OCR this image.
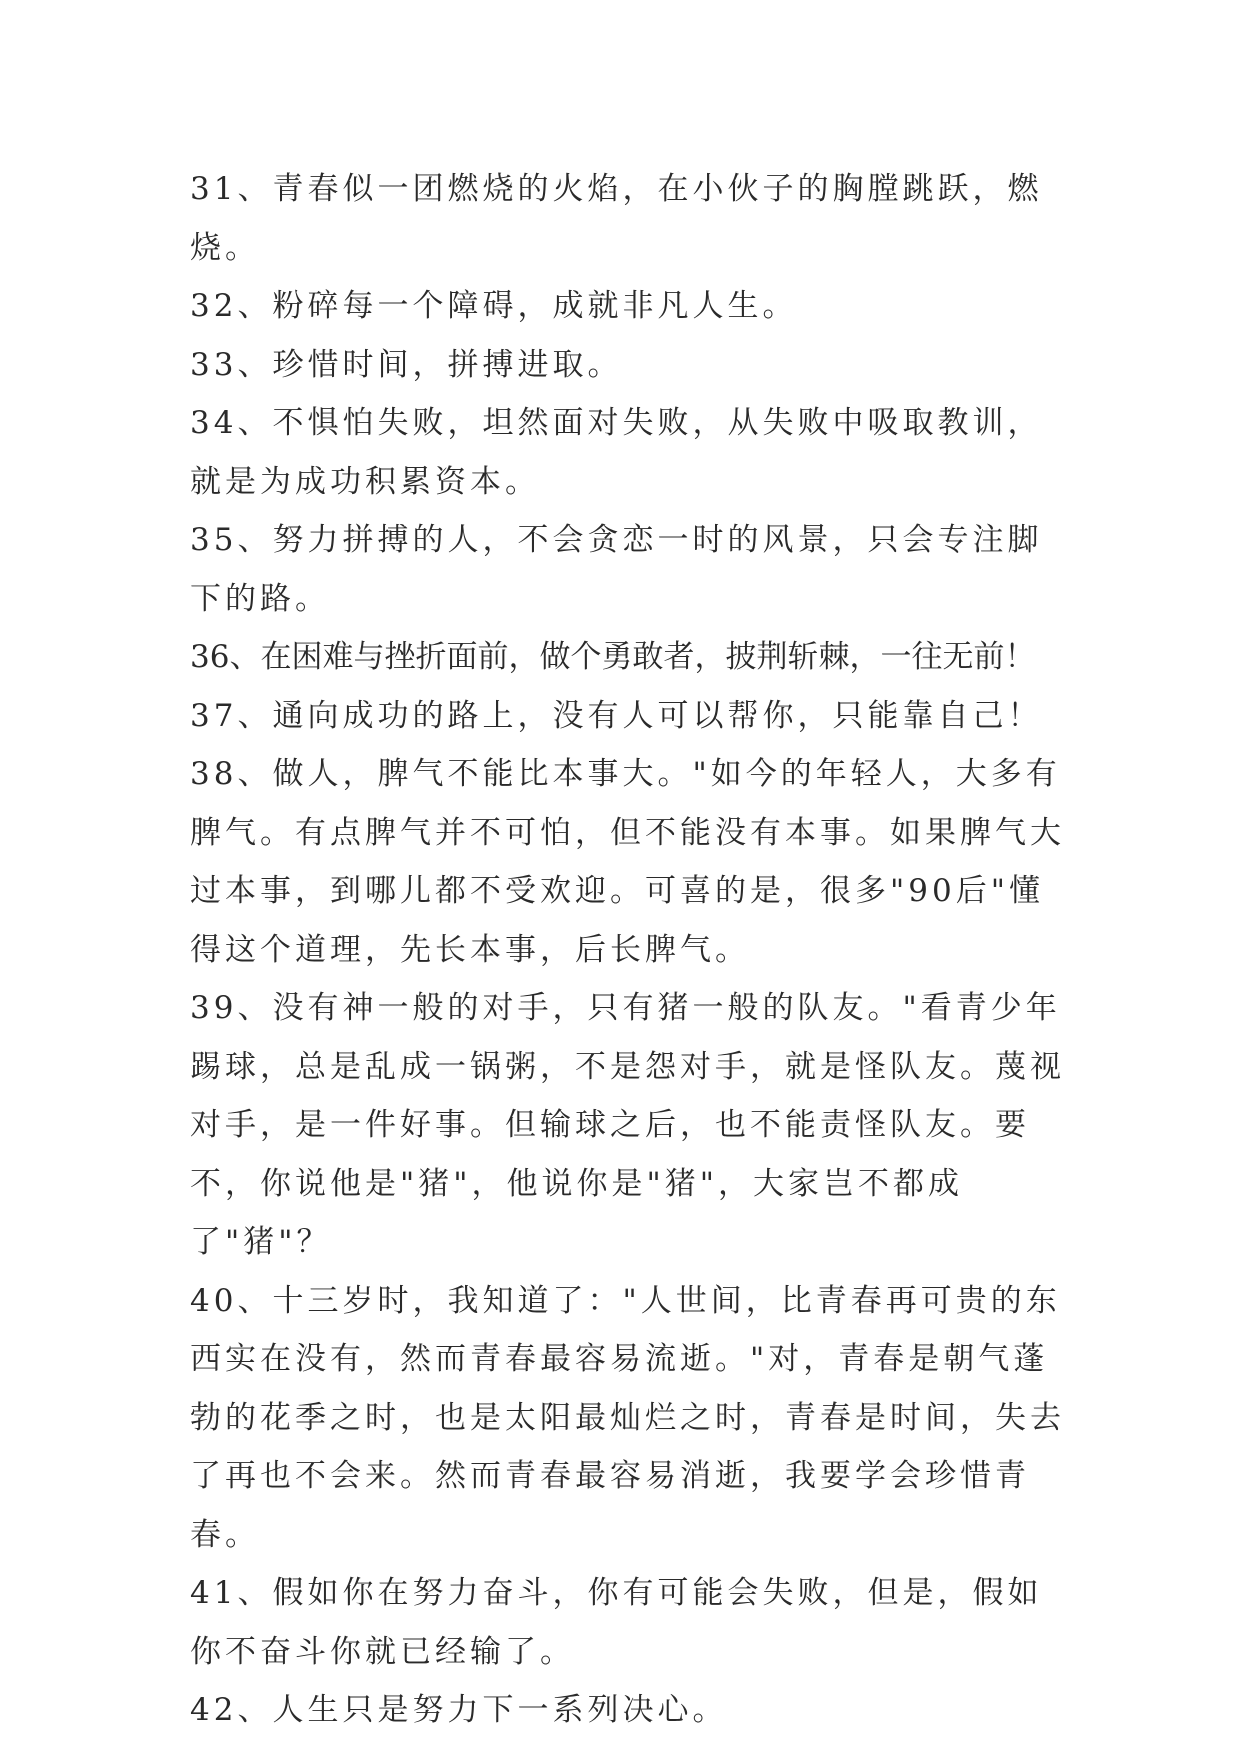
31、青春似一团燃烧的火焰，在小伙子的胸膛跳跃，燃烧。

32、粉碎每一个障碍，成就非凡人生。

33、珍惜时间，拼搏进取。

34、不惧怕失败，坦然面对失败，从失败中吸取教训，就是为成功积累资本。

35、努力拼搏的人，不会贪恋一时的风景，只会专注脚下的路。

36、在困难与挫折面前，做个勇敢者，披荆斩棘，一往无前！

37、通向成功的路上，没有人可以帮你，只能靠自己！

38、做人，脾气不能比本事大。"如今的年轻人，大多有脾气。有点脾气并不可怕，但不能没有本事。如果脾气大过本事，到哪儿都不受欢迎。可喜的是，很多"90后"懂得这个道理，先长本事，后长脾气。

39、没有神一般的对手，只有猪一般的队友。"看青少年踢球，总是乱成一锅粥，不是怨对手，就是怪队友。蔑视对手，是一件好事。但输球之后，也不能责怪队友。要不，你说他是"猪"，他说你是"猪"，大家岂不都成了"猪"？

40、十三岁时，我知道了："人世间，比青春再可贵的东西实在没有，然而青春最容易流逝。"对，青春是朝气蓬勃的花季之时，也是太阳最灿烂之时，青春是时间，失去了再也不会来。然而青春最容易消逝，我要学会珍惜青春。

41、假如你在努力奋斗，你有可能会失败，但是，假如你不奋斗你就已经输了。

42、人生只是努力下一系列决心。
